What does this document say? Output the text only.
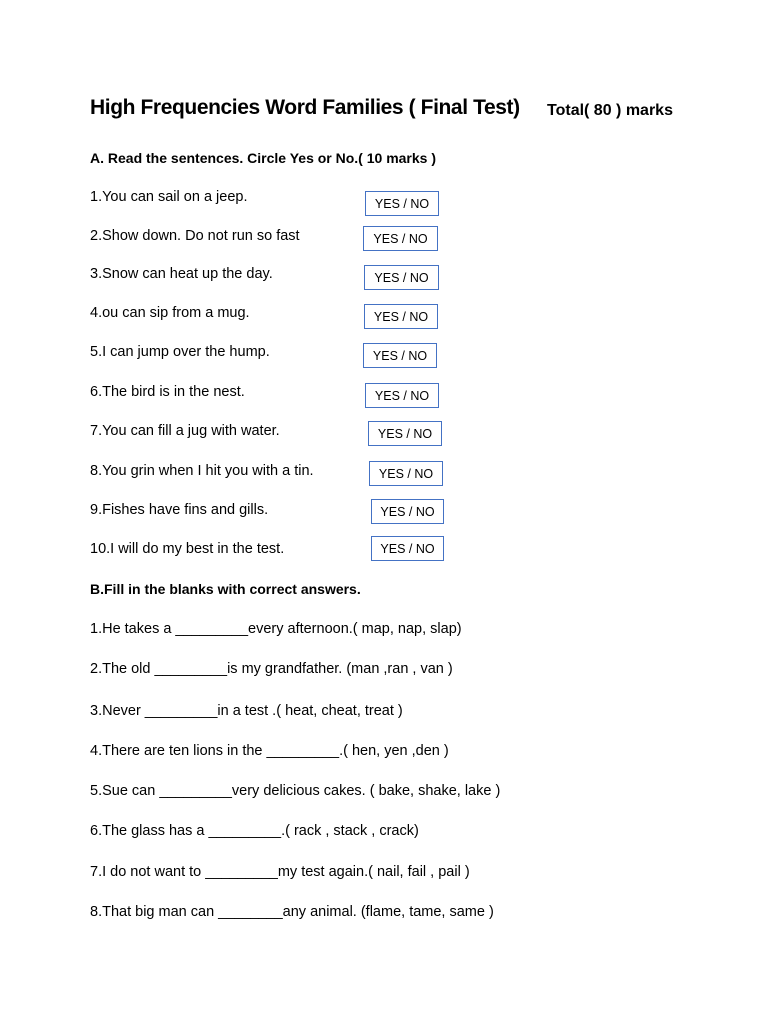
High Frequencies Word Families ( Final Test) Total( 80 ) marks
A. Read the sentences. Circle Yes or No.( 10 marks )
1.You can sail on a jeep.	YES / NO
2.Show down. Do not run so fast	YES / NO
3.Snow can heat up the day.	YES / NO
4.ou can sip from a mug.	YES / NO
5.I can jump over the hump.	YES / NO
6.The bird is in the nest.	YES / NO
7.You can fill a jug with water.	YES / NO
8.You grin when I hit you with a tin.	YES / NO
9.Fishes have fins and gills.	YES / NO
10.I will do my best in the test.	YES / NO
B.Fill in the blanks with correct answers.
1.He takes a _________every afternoon.( map, nap, slap)
2.The old _________is my grandfather. (man ,ran , van )
3.Never _________in a test .( heat, cheat, treat )
4.There are ten lions in the _________.( hen, yen ,den )
5.Sue can _________very delicious cakes. ( bake, shake, lake )
6.The glass has a _________.( rack , stack , crack)
7.I do not want to _________my test again.( nail, fail , pail )
8.That big man can ________any animal. (flame, tame, same )
